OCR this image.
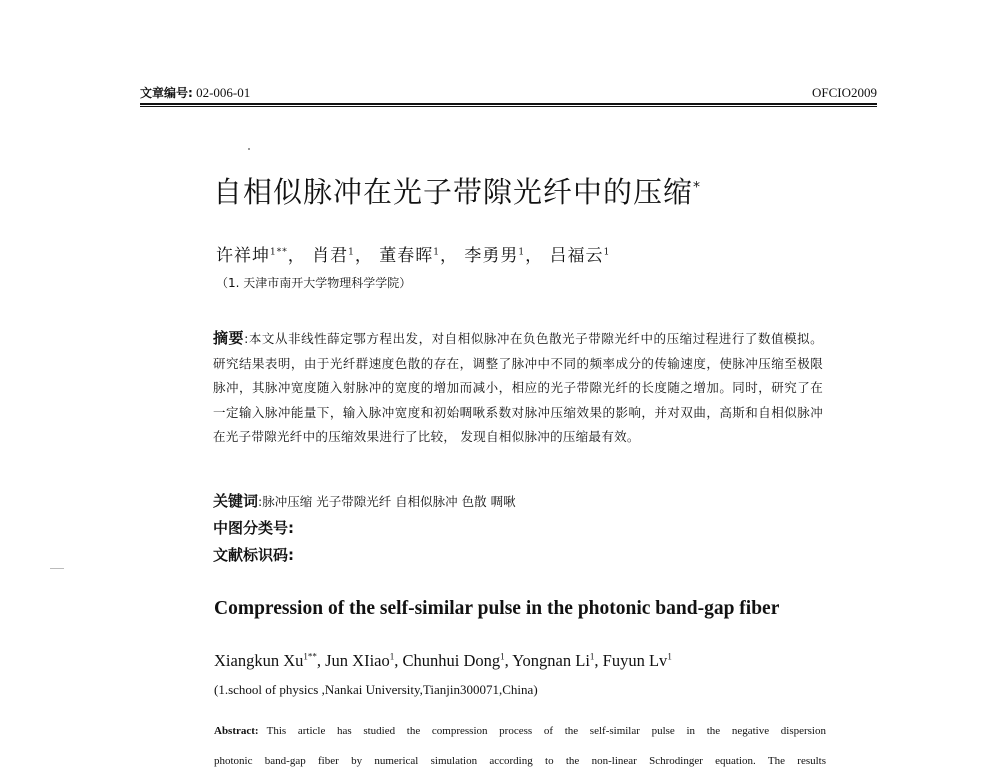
文章编号: 02-006-01	OFCIO2009
自相似脉冲在光子带隙光纤中的压缩*
许祥坤$^{1**}$， 肖君$^1$， 董春晖$^1$， 李勇男$^1$， 吕福云$^1$
（1. 天津市南开大学物理科学学院）
摘要:本文从非线性薛定鄂方程出发，对自相似脉冲在负色散光子带隙光纤中的压缩过程进行了数值模拟。研究结果表明，由于光纤群速度色散的存在，调整了脉冲中不同的频率成分的传输速度，使脉冲压缩至极限脉冲，其脉冲宽度随入射脉冲的宽度的增加而减小，相应的光子带隙光纤的长度随之增加。同时，研究了在一定输入脉冲能量下，输入脉冲宽度和初始啁啾系数对脉冲压缩效果的影响，并对双曲，高斯和自相似脉冲在光子带隙光纤中的压缩效果进行了比较， 发现自相似脉冲的压缩最有效。
关键词:脉冲压缩 光子带隙光纤 自相似脉冲 色散 啁啾
中图分类号:
文献标识码:
Compression of the self-similar pulse in the photonic band-gap fiber
Xiangkun $Xu^{1**}$, Jun XIiao$^1$, Chunhui Dong$^1$, Yongnan Li$^1$, Fuyun Lv$^1$
(1.school of physics ,Nankai University,Tianjin300071,China)
Abstract: This article has studied the compression process of the self-similar pulse in the negative dispersion
photonic band-gap fiber by numerical simulation according to the non-linear Schrodinger equation. The results
